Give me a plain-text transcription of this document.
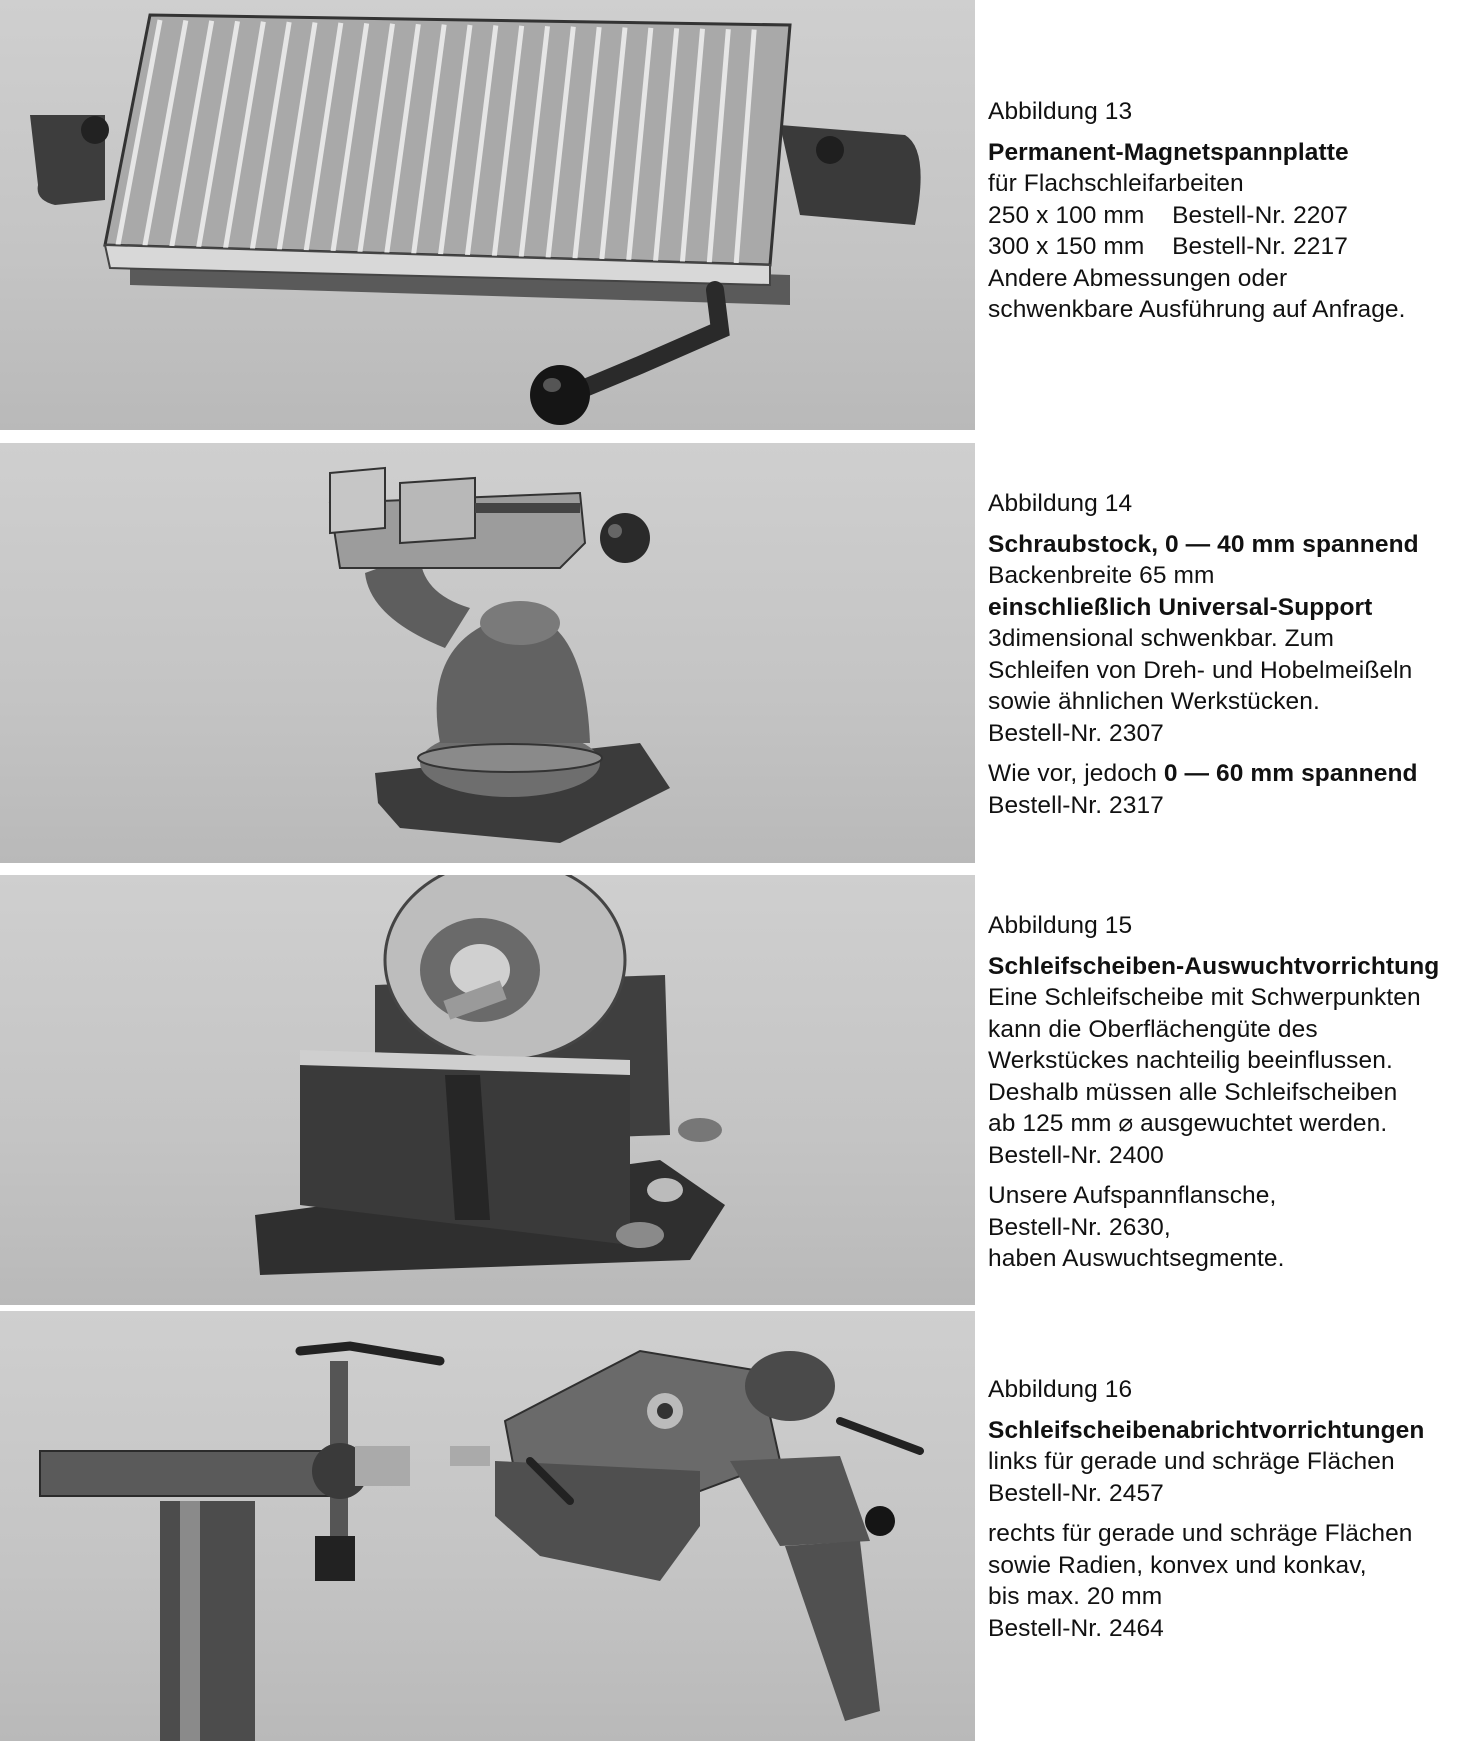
Abbildung 13
Permanent-Magnetspannplatte
für Flachschleifarbeiten
250 x 100 mm    Bestell-Nr. 2207
300 x 150 mm    Bestell-Nr. 2217
Andere Abmessungen oder
schwenkbare Ausführung auf Anfrage.
Abbildung 14
Schraubstock, 0 — 40 mm spannend
Backenbreite 65 mm
einschließlich Universal-Support
3dimensional schwenkbar. Zum
Schleifen von Dreh- und Hobelmeißeln
sowie ähnlichen Werkstücken.
Bestell-Nr. 2307
Wie vor, jedoch 0 — 60 mm spannend
Bestell-Nr. 2317
Abbildung 15
Schleifscheiben-Auswuchtvorrichtung
Eine Schleifscheibe mit Schwerpunkten
kann die Oberflächengüte des
Werkstückes nachteilig beeinflussen.
Deshalb müssen alle Schleifscheiben
ab 125 mm ⌀ ausgewuchtet werden.
Bestell-Nr. 2400
Unsere Aufspannflansche,
Bestell-Nr. 2630,
haben Auswuchtsegmente.
Abbildung 16
Schleifscheibenabrichtvorrichtungen
links für gerade und schräge Flächen
Bestell-Nr. 2457
rechts für gerade und schräge Flächen
sowie Radien, konvex und konkav,
bis max. 20 mm
Bestell-Nr. 2464
